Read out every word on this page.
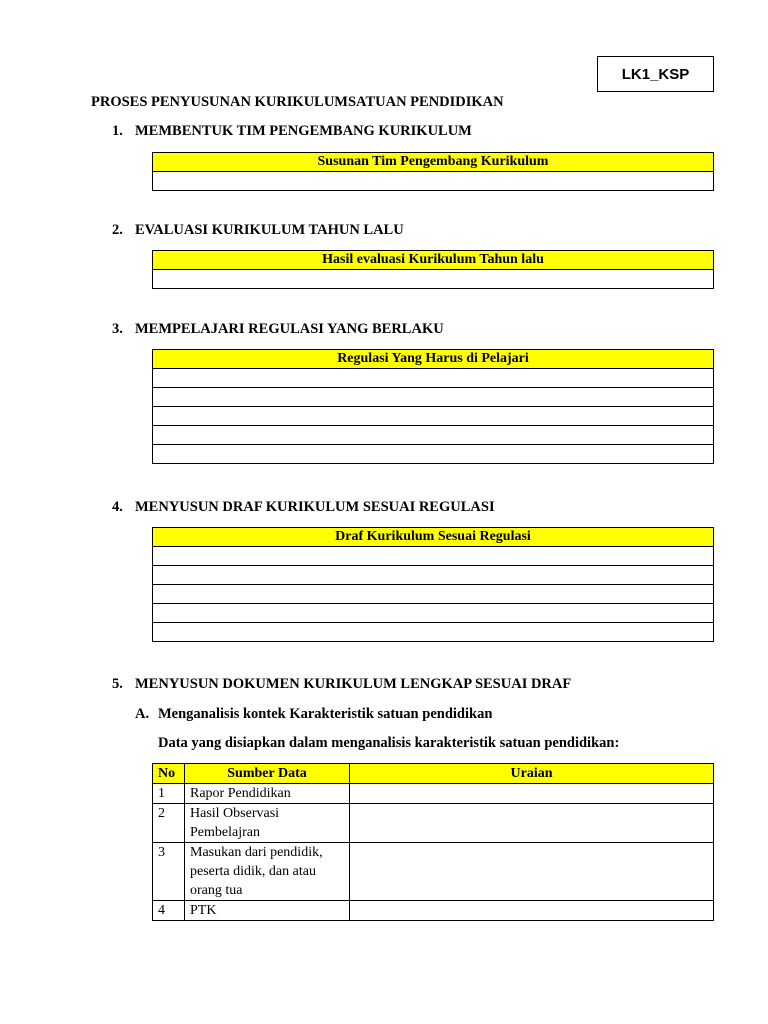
LK1_KSP
PROSES PENYUSUNAN KURIKULUMSATUAN PENDIDIKAN
1. MEMBENTUK TIM PENGEMBANG KURIKULUM
Susunan Tim Pengembang Kurikulum

2. EVALUASI KURIKULUM TAHUN LALU
Hasil evaluasi Kurikulum Tahun lalu

3. MEMPELAJARI REGULASI YANG BERLAKU
Regulasi Yang Harus di Pelajari

4. MENYUSUN DRAF KURIKULUM SESUAI REGULASI
Draf Kurikulum Sesuai Regulasi

5. MENYUSUN DOKUMEN KURIKULUM LENGKAP SESUAI DRAF
A. Menganalisis kontek Karakteristik satuan pendidikan
Data yang disiapkan dalam menganalisis karakteristik satuan pendidikan:
No	Sumber Data	Uraian
1	Rapor Pendidikan	
2	Hasil Observasi Pembelajran	
3	Masukan dari pendidik, peserta didik, dan atau orang tua	
4	PTK	
